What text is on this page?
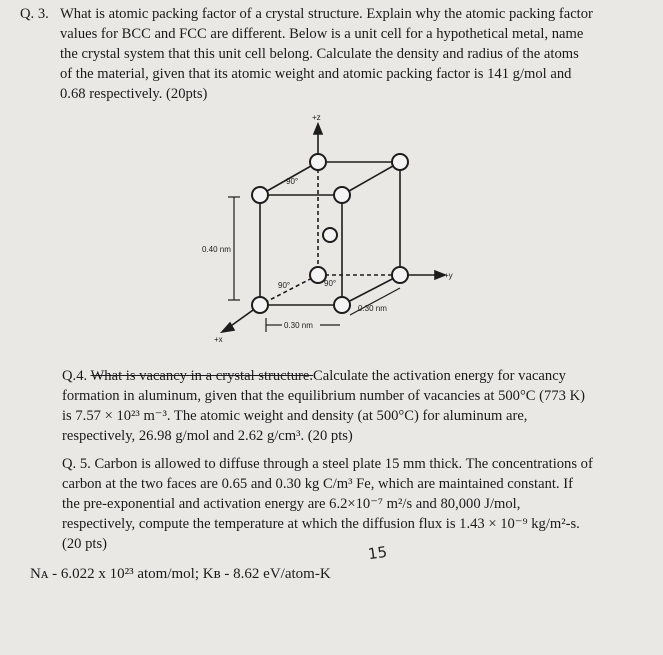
Q. 3. What is atomic packing factor of a crystal structure. Explain why the atomic packing factor
values for BCC and FCC are different. Below is a unit cell for a hypothetical metal, name
the crystal system that this unit cell belong. Calculate the density and radius of the atoms
of the material, given that its atomic weight and atomic packing factor is 141 g/mol and
0.68 respectively. (20pts)
+z
+y
+x
90°
90°	90°
0.40 nm
0.30 nm
0.30 nm
Q.4. What is vacancy in a crystal structure.Calculate the activation energy for vacancy
formation in aluminum, given that the equilibrium number of vacancies at 500°C (773 K)
is 7.57 × 10²³ m⁻³. The atomic weight and density (at 500°C) for aluminum are,
respectively, 26.98 g/mol and 2.62 g/cm³. (20 pts)
Q. 5. Carbon is allowed to diffuse through a steel plate 15 mm thick. The concentrations of
carbon at the two faces are 0.65 and 0.30 kg C/m³ Fe, which are maintained constant. If
the pre-exponential and activation energy are 6.2×10⁻⁷ m²/s and 80,000 J/mol,
respectively, compute the temperature at which the diffusion flux is 1.43 × 10⁻⁹ kg/m²-s.
(20 pts)	15
Nᴀ - 6.022 x 10²³ atom/mol; Kʙ - 8.62 eV/atom-K
